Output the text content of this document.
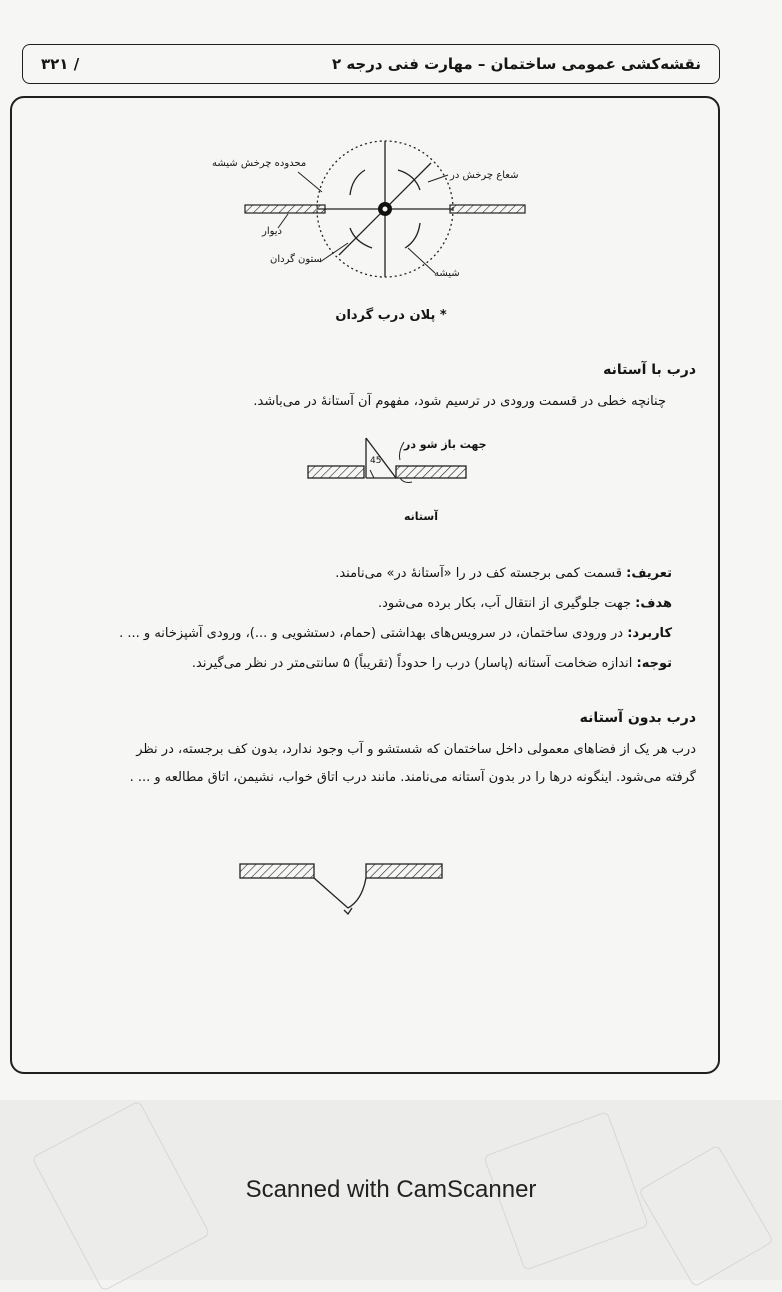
نقشه‌کشی عمومی ساختمان – مهارت فنی درجه ۲
۳۲۱ /
محدوده چرخش شیشه
شعاع چرخش در
دیوار
ستون گردان
شیشه
* پلان درب گردان
درب با آستانه
چنانچه خطی در قسمت ورودی در ترسیم شود، مفهوم آن آستانهٔ در می‌باشد.
45
جهت باز شو در
آستانه
تعریف: قسمت کمی برجسته کف در را «آستانهٔ در» می‌نامند.
هدف: جهت جلوگیری از انتقال آب، بکار برده می‌شود.
کاربرد: در ورودی ساختمان، در سرویس‌های بهداشتی (حمام، دستشویی و ...)، ورودی آشپزخانه و ... .
توجه: اندازه ضخامت آستانه (پاسار) درب را حدوداً (تقریباً) ۵ سانتی‌متر در نظر می‌گیرند.
درب بدون آستانه
درب هر یک از فضاهای معمولی داخل ساختمان که شستشو و آب وجود ندارد، بدون کف برجسته، در نظر
گرفته می‌شود. اینگونه درها را در بدون آستانه می‌نامند. مانند درب اتاق خواب، نشیمن، اتاق مطالعه و ... .
Scanned with CamScanner
